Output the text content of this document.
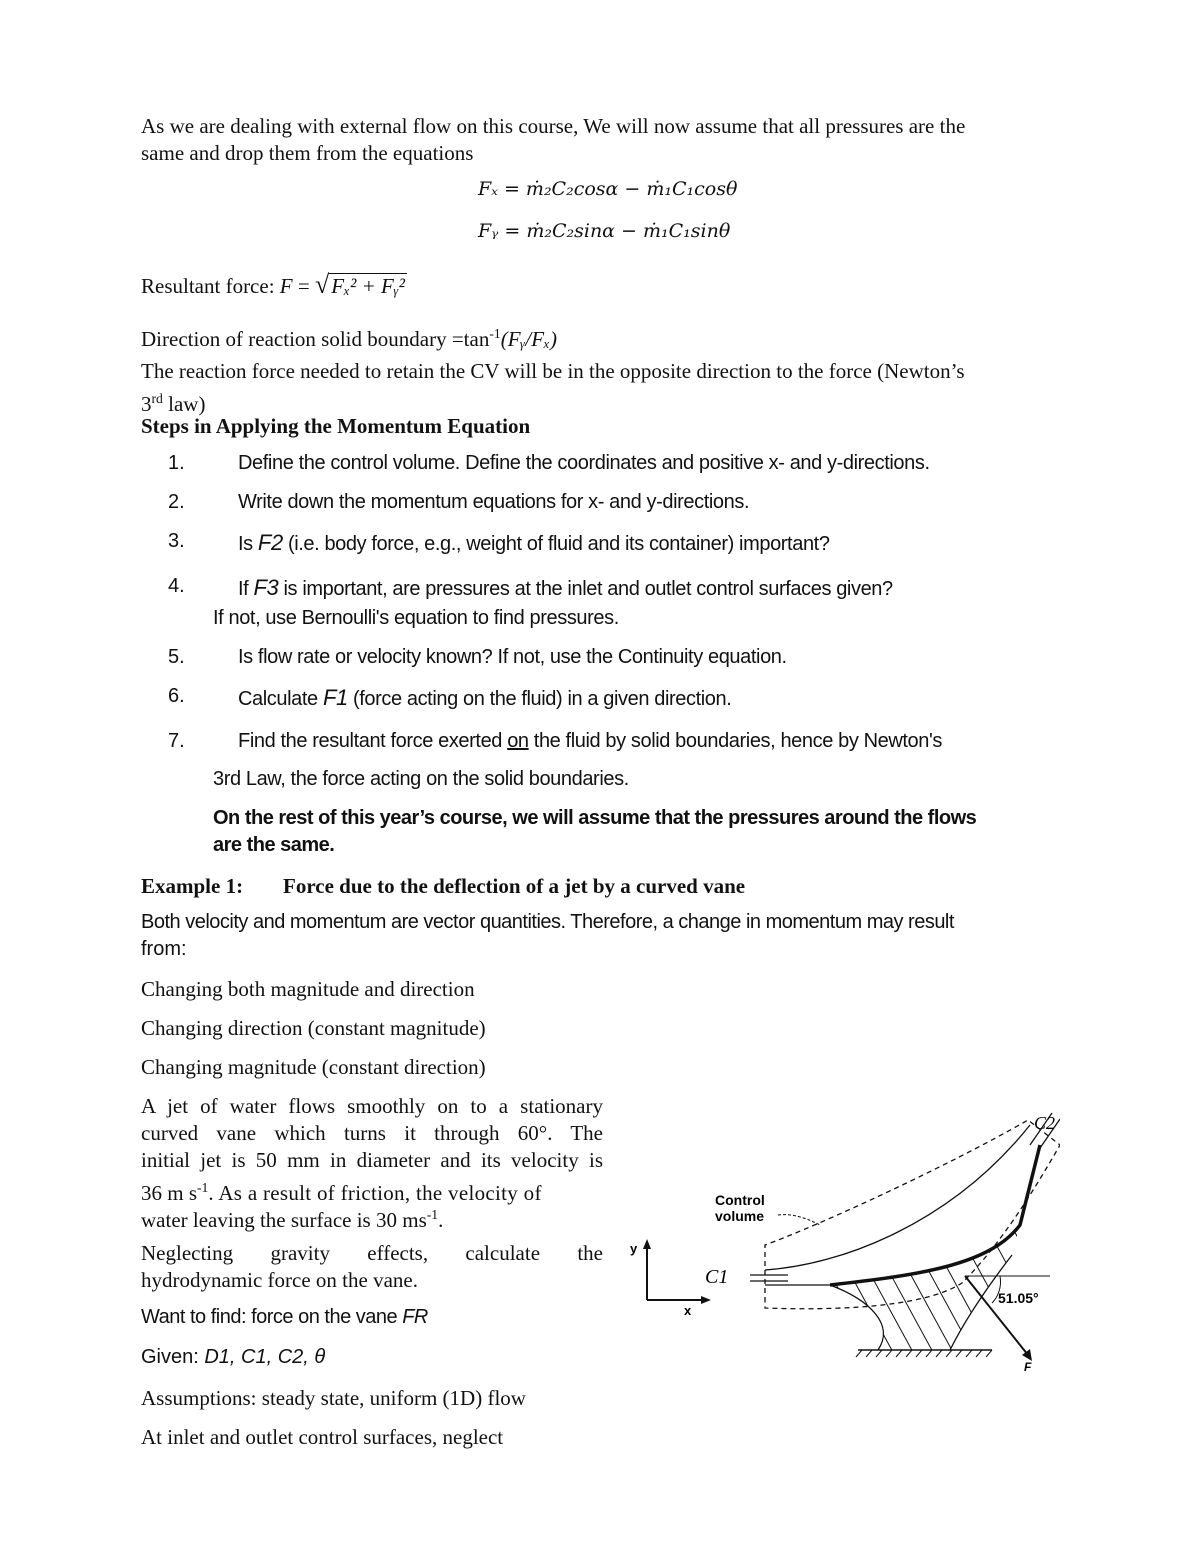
As we are dealing with external flow on this course, We will now assume that all pressures are the
same and drop them from the equations
Fₓ = ṁ₂C₂cosα − ṁ₁C₁cosθ
Fᵧ = ṁ₂C₂sinα − ṁ₁C₁sinθ
Resultant force: F = √Fₓ² + Fᵧ²
Direction of reaction solid boundary $=\tan^{-1}(Fᵧ/F_x)$
The reaction force needed to retain the CV will be in the opposite direction to the force (Newton’s
3rd law)
Steps in Applying the Momentum Equation
1.	Define the control volume. Define the coordinates and positive x- and y-directions.
2.	Write down the momentum equations for x- and y-directions.
3.	Is F2 (i.e. body force, e.g., weight of fluid and its container) important?
4.	If F3 is important, are pressures at the inlet and outlet control surfaces given?
If not, use Bernoulli's equation to find pressures.
5.	Is flow rate or velocity known? If not, use the Continuity equation.
6.	Calculate F1 (force acting on the fluid) in a given direction.
7.	Find the resultant force exerted on the fluid by solid boundaries, hence by Newton's
3rd Law, the force acting on the solid boundaries.
On the rest of this year’s course, we will assume that the pressures around the flows
are the same.
Example 1: Force due to the deflection of a jet by a curved vane
Both velocity and momentum are vector quantities. Therefore, a change in momentum may result
from:
Changing both magnitude and direction
Changing direction (constant magnitude)
Changing magnitude (constant direction)
A jet of water flows smoothly on to a stationary
curved vane which turns it through 60°. The
initial jet is 50 mm in diameter and its velocity is
36 m $s^{-1}$. As a result of friction, the velocity of
water leaving the surface is 30 $ms^{-1}$.
Neglecting gravity effects, calculate the
hydrodynamic force on the vane.
Want to find: force on the vane FR
Given: D1, C1, C2, θ
Assumptions: steady state, uniform (1D) flow
At inlet and outlet control surfaces, neglect
y
x
C1
C2
Control
volume
51.05°
F
